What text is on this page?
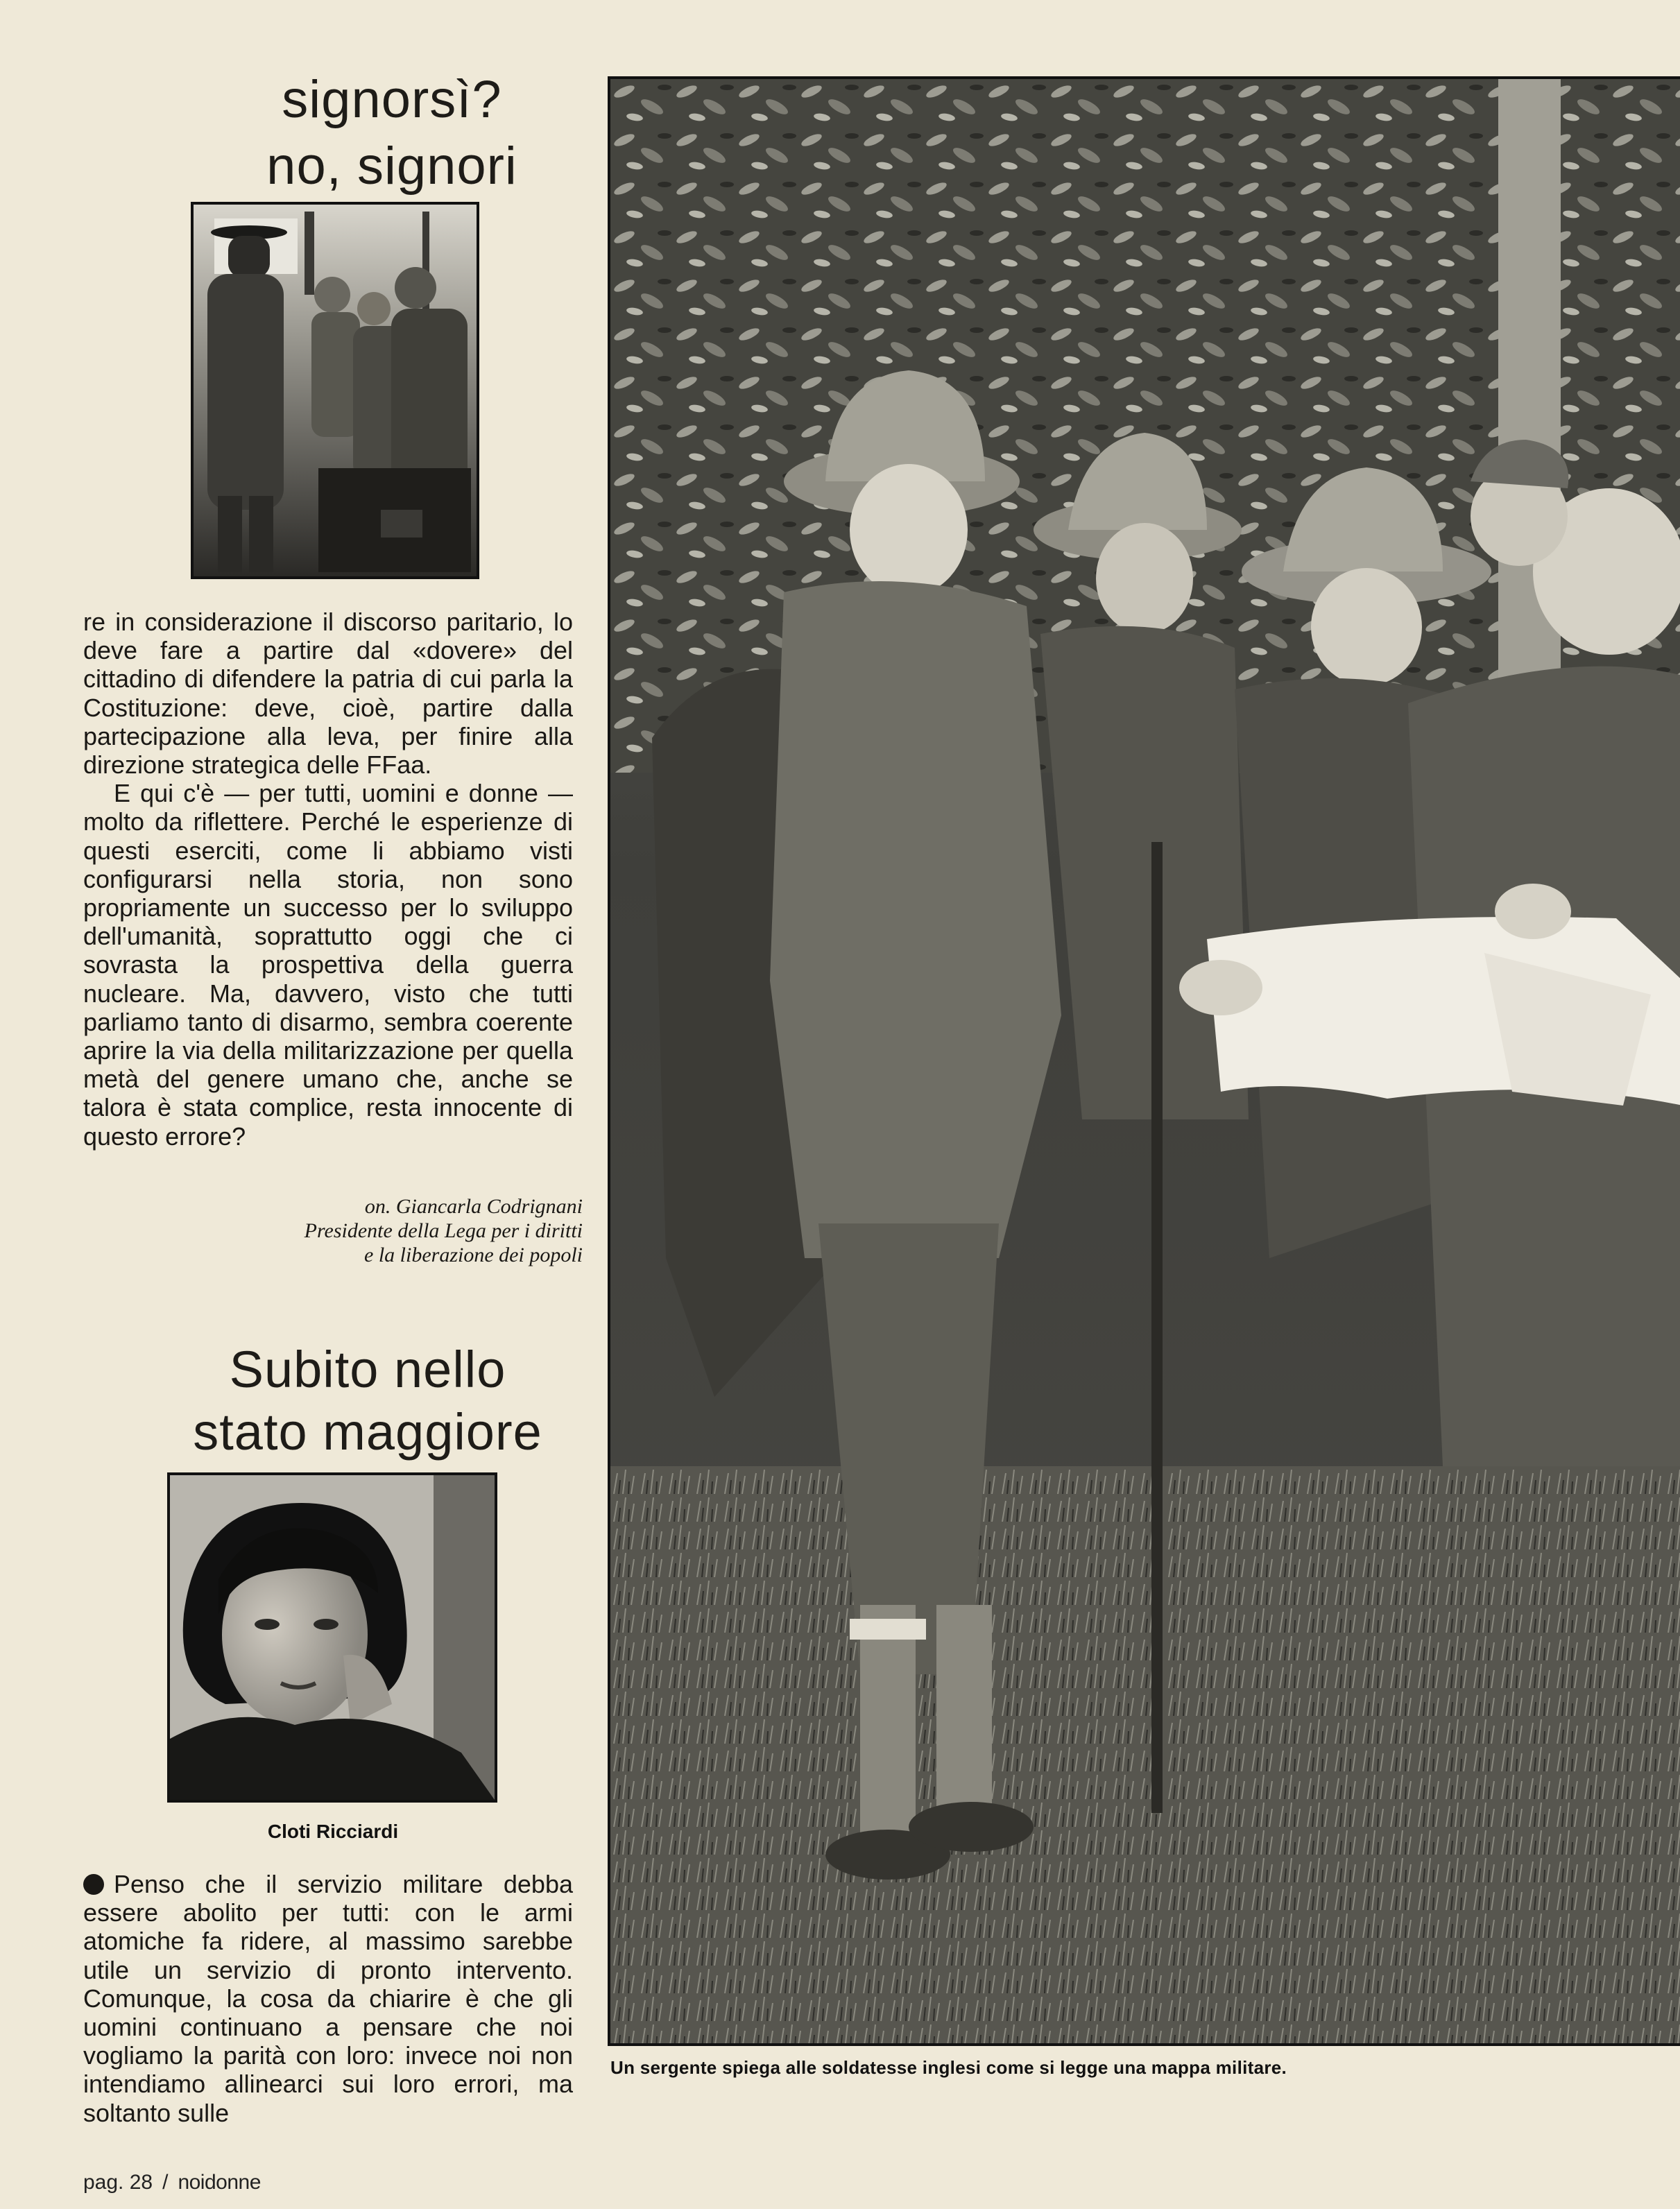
signorsì?
no, signori

re in considerazione il discorso paritario, lo deve fare a partire dal «dovere» del cittadino di difendere la patria di cui parla la Costituzione: deve, cioè, partire dalla partecipazione alla leva, per finire alla direzione strategica delle FFaa.

E qui c'è — per tutti, uomini e donne — molto da riflettere. Perché le esperienze di questi eserciti, come li abbiamo visti configurarsi nella storia, non sono propriamente un successo per lo sviluppo dell'umanità, soprattutto oggi che ci sovrasta la prospettiva della guerra nucleare. Ma, davvero, visto che tutti parliamo tanto di disarmo, sembra coerente aprire la via della militarizzazione per quella metà del genere umano che, anche se talora è stata complice, resta innocente di questo errore?

on. Giancarla Codrignani
Presidente della Lega per i diritti
e la liberazione dei popoli
Subito nello
stato maggiore
Cloti Ricciardi

Penso che il servizio militare debba essere abolito per tutti: con le armi atomiche fa ridere, al massimo sarebbe utile un servizio di pronto intervento. Comunque, la cosa da chiarire è che gli uomini continuano a pensare che noi vogliamo la parità con loro: invece noi non intendiamo allinearci sui loro errori, ma soltanto sulle

Un sergente spiega alle soldatesse inglesi come si legge una mappa militare.
pag. 28 / noidonne
